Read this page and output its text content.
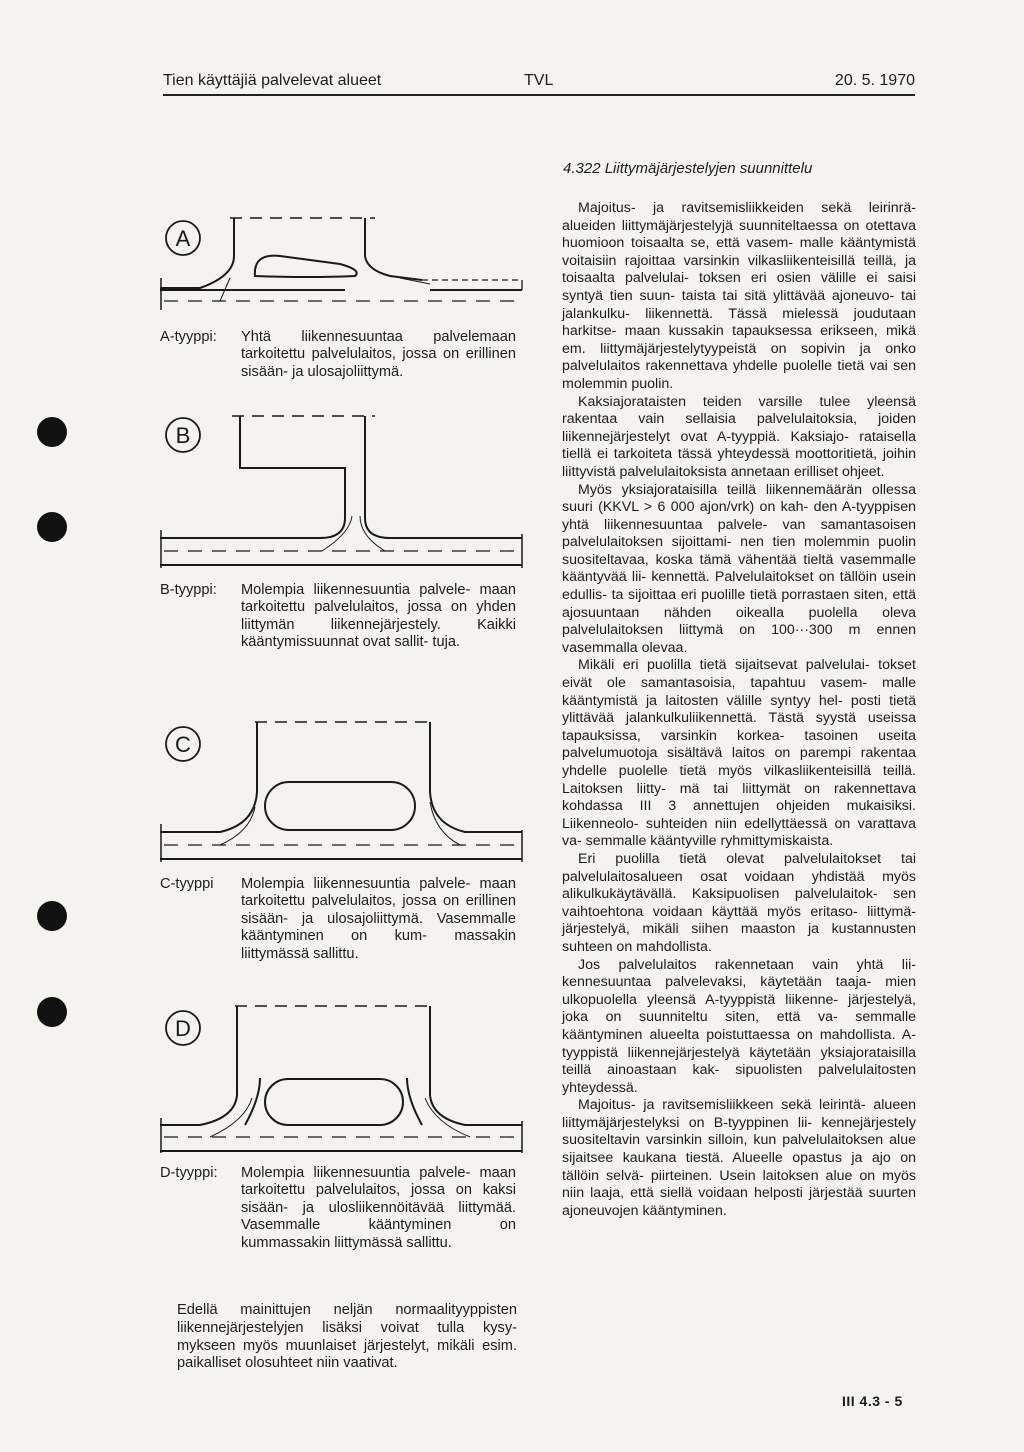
Tien käyttäjiä palvelevat alueet	TVL	20. 5. 1970
4.322 Liittymäjärjestelyjen suunnittelu

Majoitus- ja ravitsemisliikkeiden sekä leirinrä- alueiden liittymäjärjestelyjä suunniteltaessa on otettava huomioon toisaalta se, että vasem- malle kääntymistä voitaisiin rajoittaa varsinkin vilkasliikenteisillä teillä, ja toisaalta palvelulai- toksen eri osien välille ei saisi syntyä tien suun- taista tai sitä ylittävää ajoneuvo- tai jalankulku- liikennettä. Tässä mielessä joudutaan harkitse- maan kussakin tapauksessa erikseen, mikä em. liittymäjärjestelytyypeistä on sopivin ja onko palvelulaitos rakennettava yhdelle puolelle tietä vai sen molemmin puolin.

Kaksiajorataisten teiden varsille tulee yleensä rakentaa vain sellaisia palvelulaitoksia, joiden liikennejärjestelyt ovat A-tyyppiä. Kaksiajo- rataisella tiellä ei tarkoiteta tässä yhteydessä moottoritietä, joihin liittyvistä palvelulaitoksista annetaan erilliset ohjeet.

Myös yksiajorataisilla teillä liikennemäärän ollessa suuri (KKVL > 6 000 ajon/vrk) on kah- den A-tyyppisen yhtä liikennesuuntaa palvele- van samantasoisen palvelulaitoksen sijoittami- nen tien molemmin puolin suositeltavaa, koska tämä vähentää tieltä vasemmalle kääntyvää lii- kennettä. Palvelulaitokset on tällöin usein edullis- ta sijoittaa eri puolille tietä porrastaen siten, että ajosuuntaan nähden oikealla puolella oleva palvelulaitoksen liittymä on 100···300 m ennen vasemmalla olevaa.

Mikäli eri puolilla tietä sijaitsevat palvelulai- tokset eivät ole samantasoisia, tapahtuu vasem- malle kääntymistä ja laitosten välille syntyy hel- posti tietä ylittävää jalankulkuliikennettä. Tästä syystä useissa tapauksissa, varsinkin korkea- tasoinen useita palvelumuotoja sisältävä laitos on parempi rakentaa yhdelle puolelle tietä myös vilkasliikenteisillä teillä. Laitoksen liitty- mä tai liittymät on rakennettava kohdassa III 3 annettujen ohjeiden mukaisiksi. Liikenneolo- suhteiden niin edellyttäessä on varattava va- semmalle kääntyville ryhmittymiskaista.

Eri puolilla tietä olevat palvelulaitokset tai palvelulaitosalueen osat voidaan yhdistää myös alikulkukäytävällä. Kaksipuolisen palvelulaitok- sen vaihtoehtona voidaan käyttää myös eritaso- liittymä-järjestelyä, mikäli siihen maaston ja kustannusten suhteen on mahdollista.

Jos palvelulaitos rakennetaan vain yhtä lii- kennesuuntaa palvelevaksi, käytetään taaja- mien ulkopuolella yleensä A-tyyppistä liikenne- järjestelyä, joka on suunniteltu siten, että va- semmalle kääntyminen alueelta poistuttaessa on mahdollista. A-tyyppistä liikennejärjestelyä käytetään yksiajorataisilla teillä ainoastaan kak- sipuolisten palvelulaitosten yhteydessä.

Majoitus- ja ravitsemisliikkeen sekä leirintä- alueen liittymäjärjestelyksi on B-tyyppinen lii- kennejärjestely suositeltavin varsinkin silloin, kun palvelulaitoksen alue sijaitsee kaukana tiestä. Alueelle opastus ja ajo on tällöin selvä- piirteinen. Usein laitoksen alue on myös niin laaja, että siellä voidaan helposti järjestää suurten ajoneuvojen kääntyminen.

A
A-tyyppi: Yhtä liikennesuuntaa palvelemaan tarkoitettu palvelulaitos, jossa on erillinen sisään- ja ulosajoliittymä.
B
B-tyyppi: Molempia liikennesuuntia palvele- maan tarkoitettu palvelulaitos, jossa on yhden liittymän liikennejärjestely. Kaikki kääntymissuunnat ovat sallit- tuja.
C
C-tyyppi Molempia liikennesuuntia palvele- maan tarkoitettu palvelulaitos, jossa on erillinen sisään- ja ulosajoliittymä. Vasemmalle kääntyminen on kum- massakin liittymässä sallittu.
D
D-tyyppi: Molempia liikennesuuntia palvele- maan tarkoitettu palvelulaitos, jossa on kaksi sisään- ja ulosliikennöitävää liittymää. Vasemmalle kääntyminen on kummassakin liittymässä sallittu.
Edellä mainittujen neljän normaalityyppisten liikennejärjestelyjen lisäksi voivat tulla kysy- mykseen myös muunlaiset järjestelyt, mikäli esim. paikalliset olosuhteet niin vaativat.
III 4.3 - 5
